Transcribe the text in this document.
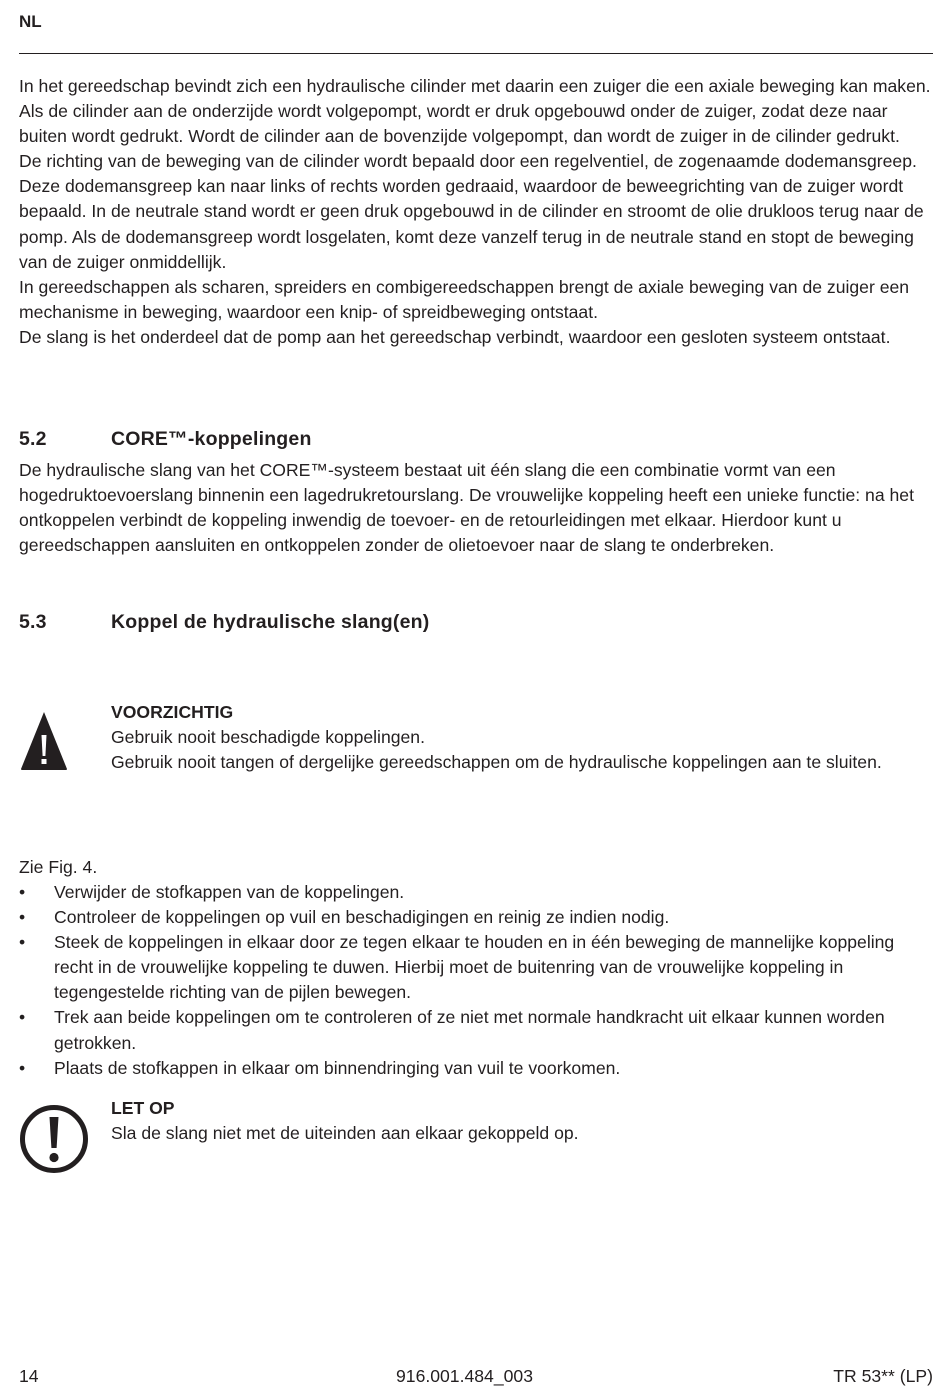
NL

In het gereedschap bevindt zich een hydraulische cilinder met daarin een zuiger die een axiale beweging kan maken. Als de cilinder aan de onderzijde wordt volgepompt, wordt er druk opgebouwd onder de zuiger, zodat deze naar buiten wordt gedrukt. Wordt de cilinder aan de bovenzijde volgepompt, dan wordt de zuiger in de cilinder gedrukt.

De richting van de beweging van de cilinder wordt bepaald door een regelventiel, de zogenaamde dodemansgreep. Deze dodemansgreep kan naar links of rechts worden gedraaid, waardoor de beweegrichting van de zuiger wordt bepaald. In de neutrale stand wordt er geen druk opgebouwd in de cilinder en stroomt de olie drukloos terug naar de pomp. Als de dodemansgreep wordt losgelaten, komt deze vanzelf terug in de neutrale stand en stopt de beweging van de zuiger onmiddellijk.

In gereedschappen als scharen, spreiders en combigereedschappen brengt de axiale beweging van de zuiger een mechanisme in beweging, waardoor een knip- of spreidbeweging ontstaat.

De slang is het onderdeel dat de pomp aan het gereedschap verbindt, waardoor een gesloten systeem ontstaat.

5.2	CORE™-koppelingen

De hydraulische slang van het CORE™-systeem bestaat uit één slang die een combinatie vormt van een hogedruktoevoerslang binnenin een lagedrukretourslang. De vrouwelijke koppeling heeft een unieke functie: na het ontkoppelen verbindt de koppeling inwendig de toevoer- en de retourleidingen met elkaar. Hierdoor kunt u gereedschappen aansluiten en ontkoppelen zonder de olietoevoer naar de slang te onderbreken.

5.3	Koppel de hydraulische slang(en)
VOORZICHTIG
Gebruik nooit beschadigde koppelingen.
Gebruik nooit tangen of dergelijke gereedschappen om de hydraulische koppelingen aan te sluiten.
Zie Fig. 4.
• Verwijder de stofkappen van de koppelingen.
• Controleer de koppelingen op vuil en beschadigingen en reinig ze indien nodig.
• Steek de koppelingen in elkaar door ze tegen elkaar te houden en in één beweging de mannelijke koppeling recht in de vrouwelijke koppeling te duwen. Hierbij moet de buitenring van de vrouwelijke koppeling in tegengestelde richting van de pijlen bewegen.
• Trek aan beide koppelingen om te controleren of ze niet met normale handkracht uit elkaar kunnen worden getrokken.
• Plaats de stofkappen in elkaar om binnendringing van vuil te voorkomen.
LET OP
Sla de slang niet met de uiteinden aan elkaar gekoppeld op.
14	916.001.484_003	TR 53** (LP)
